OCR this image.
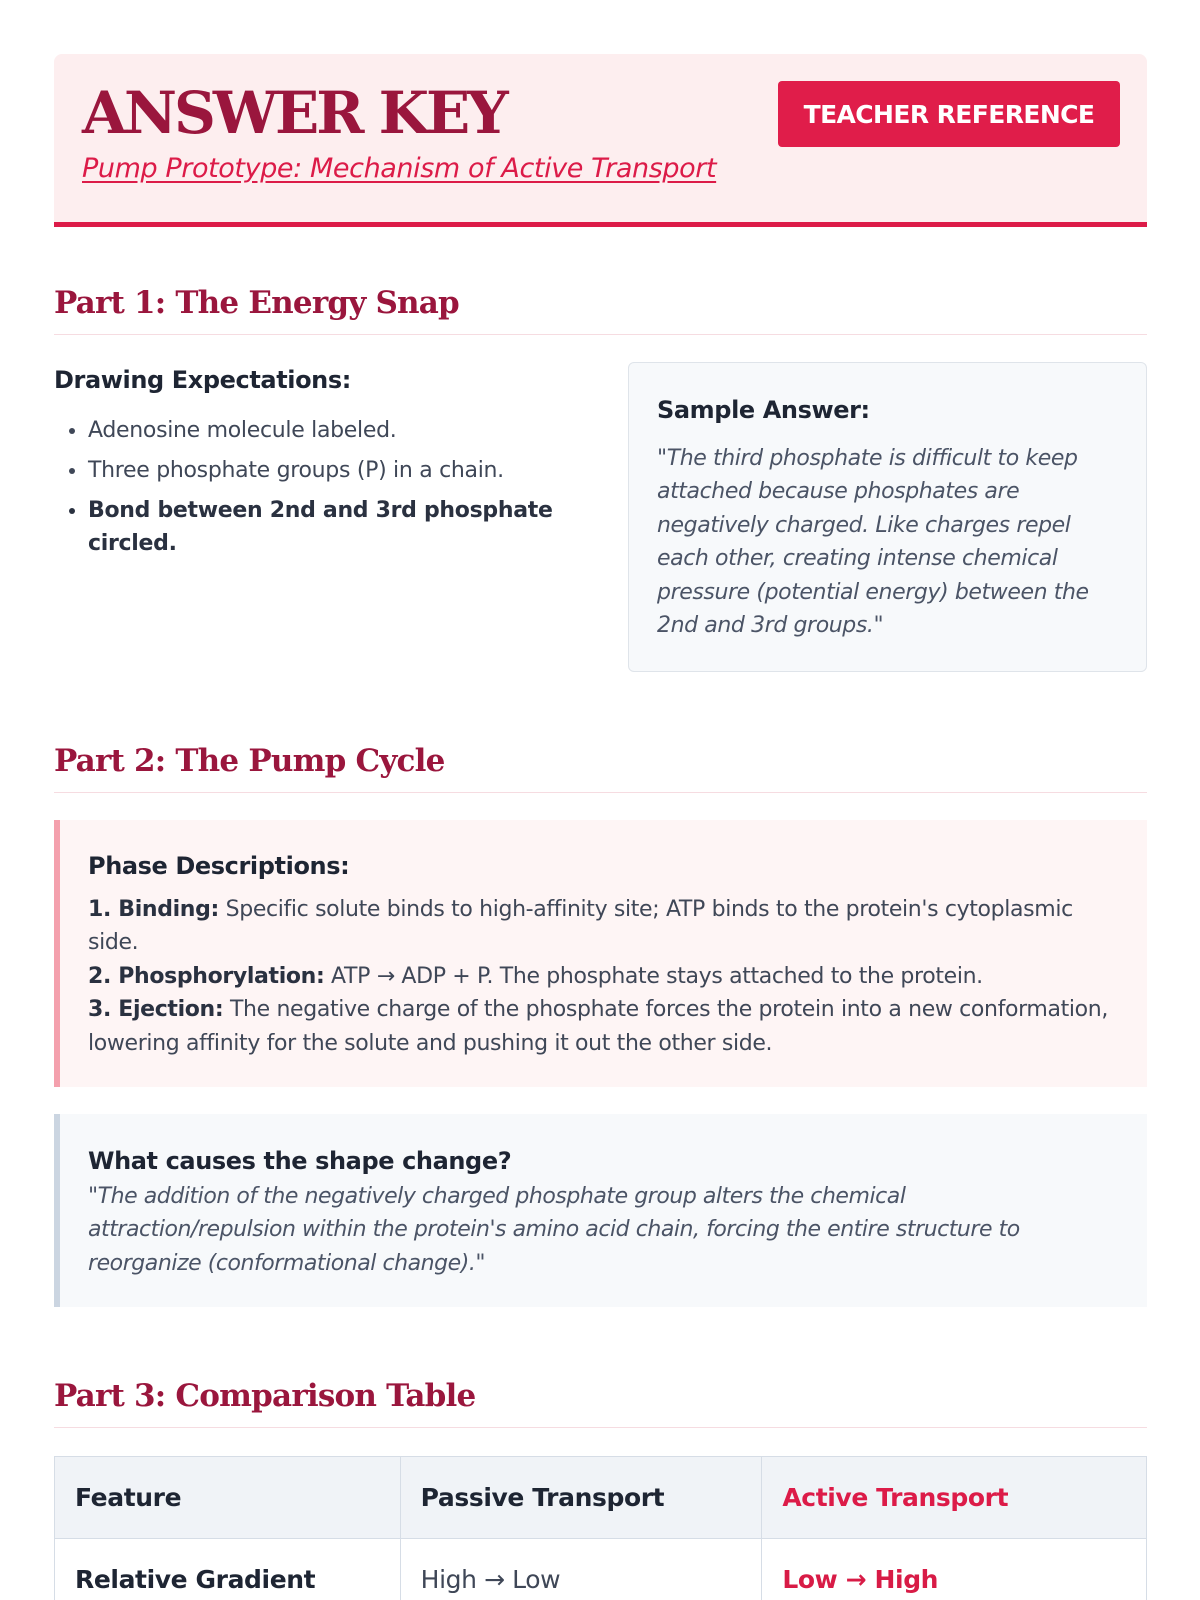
ANSWER KEY
Pump Prototype: Mechanism of Active Transport
TEACHER REFERENCE
Part 1: The Energy Snap
Drawing Expectations:
• Adenosine molecule labeled.
• Three phosphate groups (P) in a chain.
• Bond between 2nd and 3rd phosphate circled.
Sample Answer:

"The third phosphate is difficult to keep attached because phosphates are negatively charged. Like charges repel each other, creating intense chemical pressure (potential energy) between the 2nd and 3rd groups."

Part 2: The Pump Cycle
Phase Descriptions:
1. Binding: Specific solute binds to high-affinity site; ATP binds to the protein's cytoplasmic side.
2. Phosphorylation: ATP → ADP + P. The phosphate stays attached to the protein.
3. Ejection: The negative charge of the phosphate forces the protein into a new conformation, lowering affinity for the solute and pushing it out the other side.
What causes the shape change?

"The addition of the negatively charged phosphate group alters the chemical attraction/repulsion within the protein's amino acid chain, forcing the entire structure to reorganize (conformational change)."

Part 3: Comparison Table
Feature	Passive Transport	Active Transport
Relative Gradient	High → Low	Low → High
